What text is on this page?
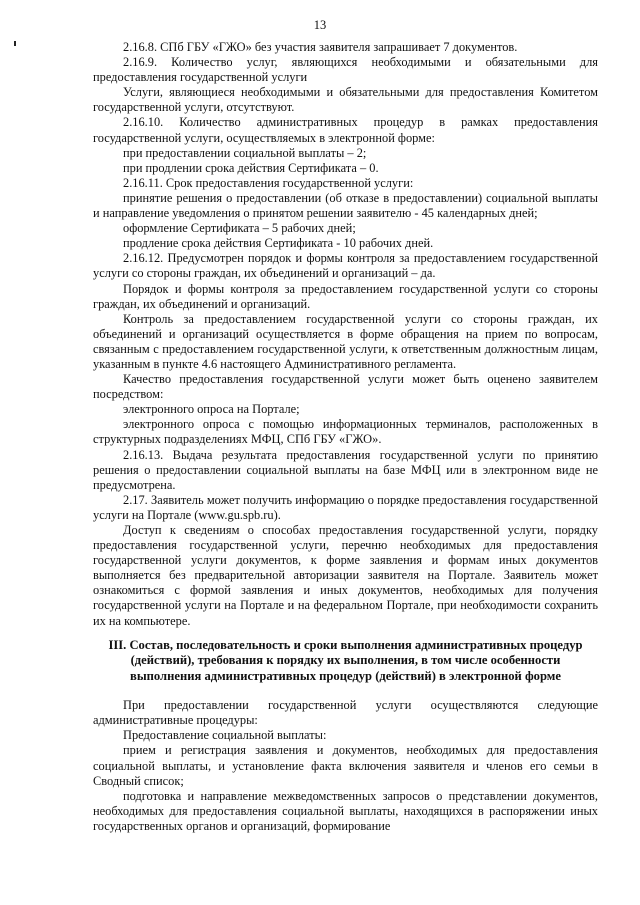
13

2.16.8. СПб ГБУ «ГЖО» без участия заявителя запрашивает 7 документов.

2.16.9. Количество услуг, являющихся необходимыми и обязательными для предоставления государственной услуги

Услуги, являющиеся необходимыми и обязательными для предоставления Комитетом государственной услуги, отсутствуют.

2.16.10. Количество административных процедур в рамках предоставления государственной услуги, осуществляемых в электронной форме:

при предоставлении социальной выплаты – 2;

при продлении срока действия Сертификата – 0.

2.16.11. Срок предоставления государственной услуги:

принятие решения о предоставлении (об отказе в предоставлении) социальной выплаты и направление уведомления о принятом решении заявителю - 45 календарных дней;

оформление Сертификата – 5 рабочих дней;

продление срока действия Сертификата - 10 рабочих дней.

2.16.12. Предусмотрен порядок и формы контроля за предоставлением государственной услуги со стороны граждан, их объединений и организаций – да.

Порядок и формы контроля за предоставлением государственной услуги со стороны граждан, их объединений и организаций.

Контроль за предоставлением государственной услуги со стороны граждан, их объединений и организаций осуществляется в форме обращения на прием по вопросам, связанным с предоставлением государственной услуги, к ответственным должностным лицам, указанным в пункте 4.6 настоящего Административного регламента.

Качество предоставления государственной услуги может быть оценено заявителем посредством:

электронного опроса на Портале;

электронного опроса с помощью информационных терминалов, расположенных в структурных подразделениях МФЦ, СПб ГБУ «ГЖО».

2.16.13. Выдача результата предоставления государственной услуги по принятию решения о предоставлении социальной выплаты на базе МФЦ или в электронном виде не предусмотрена.

2.17. Заявитель может получить информацию о порядке предоставления государственной услуги на Портале (www.gu.spb.ru).

Доступ к сведениям о способах предоставления государственной услуги, порядку предоставления государственной услуги, перечню необходимых для предоставления государственной услуги документов, к форме заявления и формам иных документов выполняется без предварительной авторизации заявителя на Портале. Заявитель может ознакомиться с формой заявления и иных документов, необходимых для получения государственной услуги на Портале и на федеральном Портале, при необходимости сохранить их на компьютере.

III. Состав, последовательность и сроки выполнения административных процедур (действий), требования к порядку их выполнения, в том числе особенности выполнения административных процедур (действий) в электронной форме

При предоставлении государственной услуги осуществляются следующие административные процедуры:

Предоставление социальной выплаты:

прием и регистрация заявления и документов, необходимых для предоставления социальной выплаты, и установление факта включения заявителя и членов его семьи в Сводный список;

подготовка и направление межведомственных запросов о представлении документов, необходимых для предоставления социальной выплаты, находящихся в распоряжении иных государственных органов и организаций, формирование
